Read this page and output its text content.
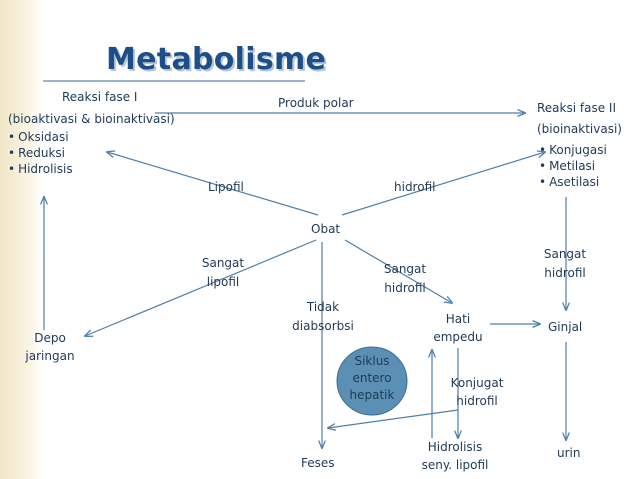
Metabolisme
Reaksi fase I
(bioaktivasi & bioinaktivasi)
• Oksidasi
• Reduksi
• Hidrolisis
Reaksi fase II
(bioinaktivasi)
• Konjugasi
• Metilasi
• Asetilasi
Produk polar
Lipofil	hidrofil
Obat
Sangat
lipofil
Sangat
hidrofil
Sangat
hidrofil
Tidak
diabsorbsi
Depo
jaringan
Hati
empedu
Ginjal
Siklus
entero
hepatik
Konjugat
hidrofil
Hidrolisis
seny. lipofil
Feses
urin
